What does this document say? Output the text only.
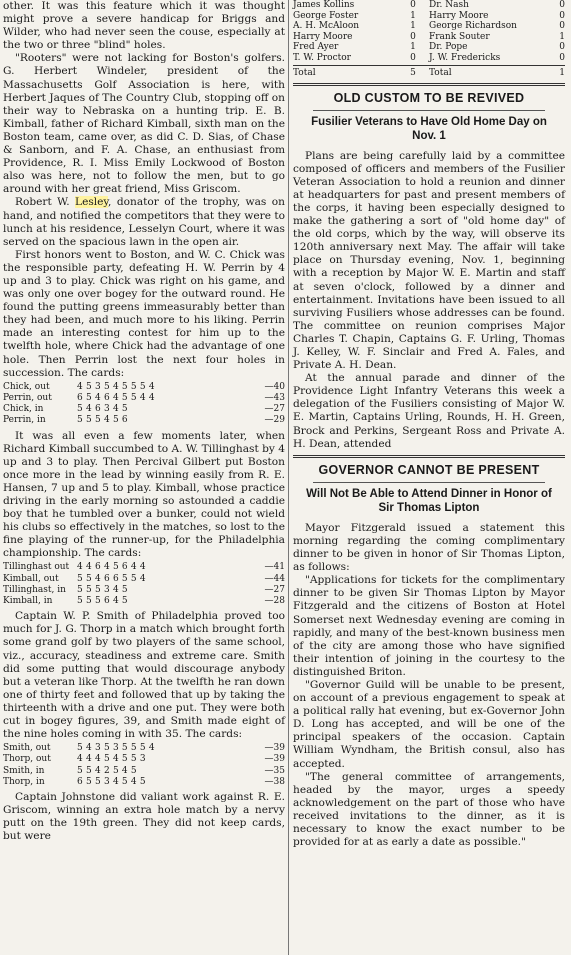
other. It was this feature which it was thought might prove a severe handicap for Briggs and Wilder, who had never seen the couse, especially at the two or three "blind" holes.

"Rooters" were not lacking for Boston's golfers. G. Herbert Windeler, president of the Massachusetts Golf Association is here, with Herbert Jaques of The Country Club, stopping off on their way to Nebraska on a hunting trip. E. B. Kimball, father of Richard Kimball, sixth man on the Boston team, came over, as did C. D. Sias, of Chase & Sanborn, and F. A. Chase, an enthusiast from Providence, R. I. Miss Emily Lockwood of Boston also was here, not to follow the men, but to go around with her great friend, Miss Griscom.

Robert W. Lesley, donator of the trophy, was on hand, and notified the competitors that they were to lunch at his residence, Lesselyn Court, where it was served on the spacious lawn in the open air.

First honors went to Boston, and W. C. Chick was the responsible party, defeating H. W. Perrin by 4 up and 3 to play. Chick was right on his game, and was only one over bogey for the outward round. He found the putting greens immeasurably better than they had been, and much more to his liking. Perrin made an interesting contest for him up to the twelfth hole, where Chick had the advantage of one hole. Then Perrin lost the next four holes in succession. The cards:

Chick, out	4 5 3 5 4 5 5 5 4	—40
Perrin, out	6 5 4 6 4 5 5 4 4	—43
Chick, in	5 4 6 3 4 5	—27
Perrin, in	5 5 5 4 5 6	—29

It was all even a few moments later, when Richard Kimball succumbed to A. W. Tillinghast by 4 up and 3 to play. Then Percival Gilbert put Boston once more in the lead by winning easily from R. E. Hansen, 7 up and 5 to play. Kimball, whose practice driving in the early morning so astounded a caddie boy that he tumbled over a bunker, could not wield his clubs so effectively in the matches, so lost to the fine playing of the runner-up, for the Philadelphia championship. The cards:

Tillinghast out 4 4 6 4 5 6 4 4	—41
Kimball, out	5 5 4 6 6 5 5 4	—44
Tillinghast, in	5 5 5 3 4 5	—27
Kimball, in	5 5 5 6 4 5	—28

Captain W. P. Smith of Philadelphia proved too much for J. G. Thorp in a match which brought forth some grand golf by two players of the same school, viz., accuracy, steadiness and extreme care. Smith did some putting that would discourage anybody but a veteran like Thorp. At the twelfth he ran down one of thirty feet and followed that up by taking the thirteenth with a drive and one put. They were both cut in bogey figures, 39, and Smith made eight of the nine holes coming in with 35. The cards:

Smith, out	5 4 3 5 3 5 5 5 4	—39
Thorp, out	4 4 4 5 4 5 5 3	—3​9
Smith, in	5 5 4 2 5 4 5	—35
Thorp, in	6 5 5 3 4 5 4 5	—38

Captain Johnstone did valiant work against R. E. Griscom, winning an extra hole match by a nervy putt on the 19th green. They did not keep cards, but were

James Kollins	0	Dr. Nash	0
George Foster	1	Harry Moore	0
A. H. McAloon	1	George Richardson	0
Harry Moore	0	Frank Souter	1
Fred Ayer	1	Dr. Pope	0
T. W. Proctor	0	J. W. Fredericks	0
Total	5	Total	1
OLD CUSTOM TO BE REVIVED
Fusilier Veterans to Have Old Home Day on Nov. 1

Plans are being carefully laid by a committee composed of officers and members of the Fusilier Veteran Association to hold a reunion and dinner at headquarters for past and present members of the corps, it having been especially designed to make the gathering a sort of "old home day" of the old corps, which by the way, will observe its 120th anniversary next May. The affair will take place on Thursday evening, Nov. 1, beginning with a reception by Major W. E. Martin and staff at seven o'clock, followed by a dinner and entertainment. Invitations have been issued to all surviving Fusiliers whose addresses can be found. The committee on reunion comprises Major Charles T. Chapin, Captains G. F. Urling, Thomas J. Kelley, W. F. Sinclair and Fred A. Fales, and Private A. H. Dean.

At the annual parade and dinner of the Providence Light Infantry Veterans this week a delegation of the Fusiliers consisting of Major W. E. Martin, Captains Urling, Rounds, H. H. Green, Brock and Perkins, Sergeant Ross and Private A. H. Dean, attended

GOVERNOR CANNOT BE PRESENT
Will Not Be Able to Attend Dinner in Honor of Sir Thomas Lipton

Mayor Fitzgerald issued a statement this morning regarding the coming complimentary dinner to be given in honor of Sir Thomas Lipton, as follows:

"Applications for tickets for the complimentary dinner to be given Sir Thomas Lipton by Mayor Fitzgerald and the citizens of Boston at Hotel Somerset next Wednesday evening are coming in rapidly, and many of the best-known business men of the city are among those who have signified their intention of joining in the courtesy to the distinguished Briton.

"Governor Guild will be unable to be present, on account of a previous engagement to speak at a political rally hat evening, but ex-Governor John D. Long has accepted, and will be one of the principal speakers of the occasion. Captain William Wyndham, the British consul, also has accepted.

"The general committee of arrangements, headed by the mayor, urges a speedy acknowledgement on the part of those who have received invitations to the dinner, as it is necessary to know the exact number to be provided for at as early a date as possible."
